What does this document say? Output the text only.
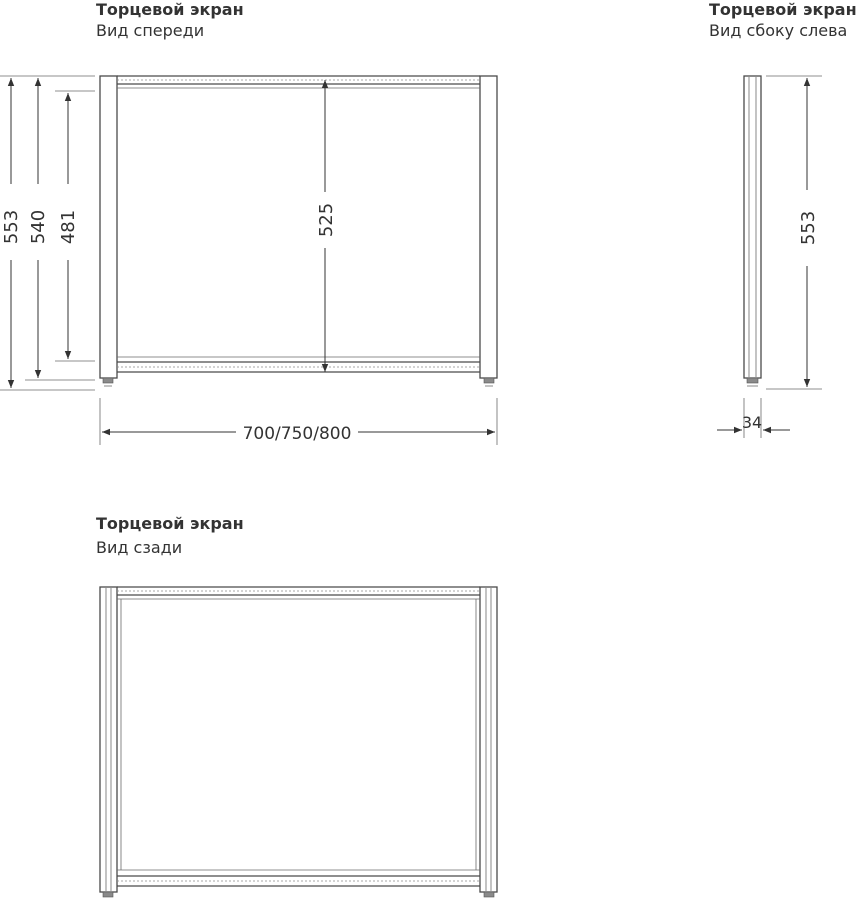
Торцевой экран
Вид спереди
Торцевой экран
Вид сбоку слева
Торцевой экран
Вид сзади
553 540 481	525
700/750/800
553
34
